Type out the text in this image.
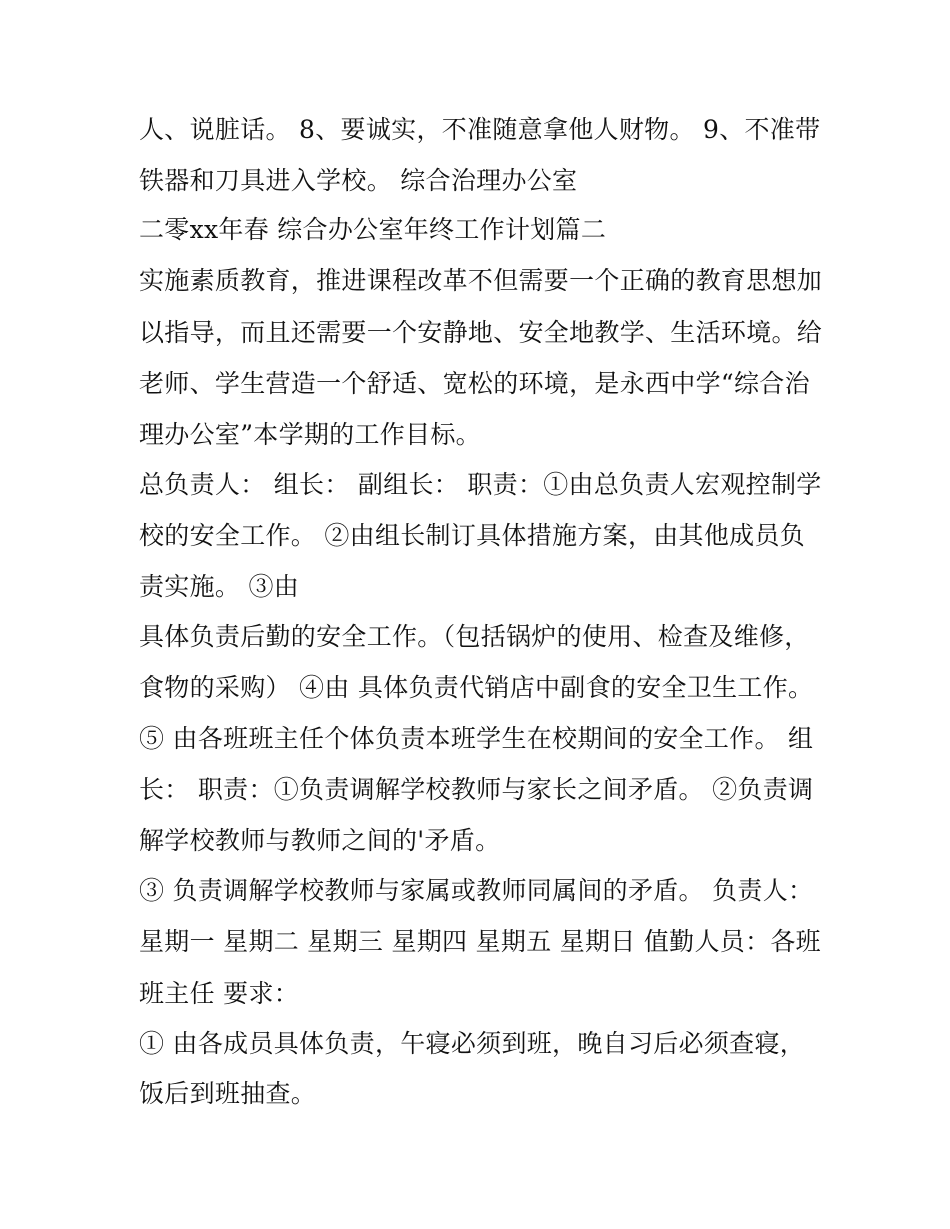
人、说脏话。 8、要诚实，不准随意拿他人财物。 9、不准带
铁器和刀具进入学校。 综合治理办公室
二零xx年春 综合办公室年终工作计划篇二
实施素质教育，推进课程改革不但需要一个正确的教育思想加
以指导，而且还需要一个安静地、安全地教学、生活环境。给
老师、学生营造一个舒适、宽松的环境，是永西中学“综合治
理办公室”本学期的工作目标。
总负责人： 组长： 副组长： 职责：①由总负责人宏观控制学
校的安全工作。 ②由组长制订具体措施方案，由其他成员负
责实施。 ③由
具体负责后勤的安全工作。（包括锅炉的使用、检查及维修，
食物的采购） ④由 具体负责代销店中副食的安全卫生工作。
⑤ 由各班班主任个体负责本班学生在校期间的安全工作。 组
长： 职责：①负责调解学校教师与家长之间矛盾。 ②负责调
解学校教师与教师之间的'矛盾。
③ 负责调解学校教师与家属或教师同属间的矛盾。 负责人：
星期一 星期二 星期三 星期四 星期五 星期日 值勤人员：各班
班主任 要求：
① 由各成员具体负责，午寝必须到班，晚自习后必须查寝，
饭后到班抽查。
